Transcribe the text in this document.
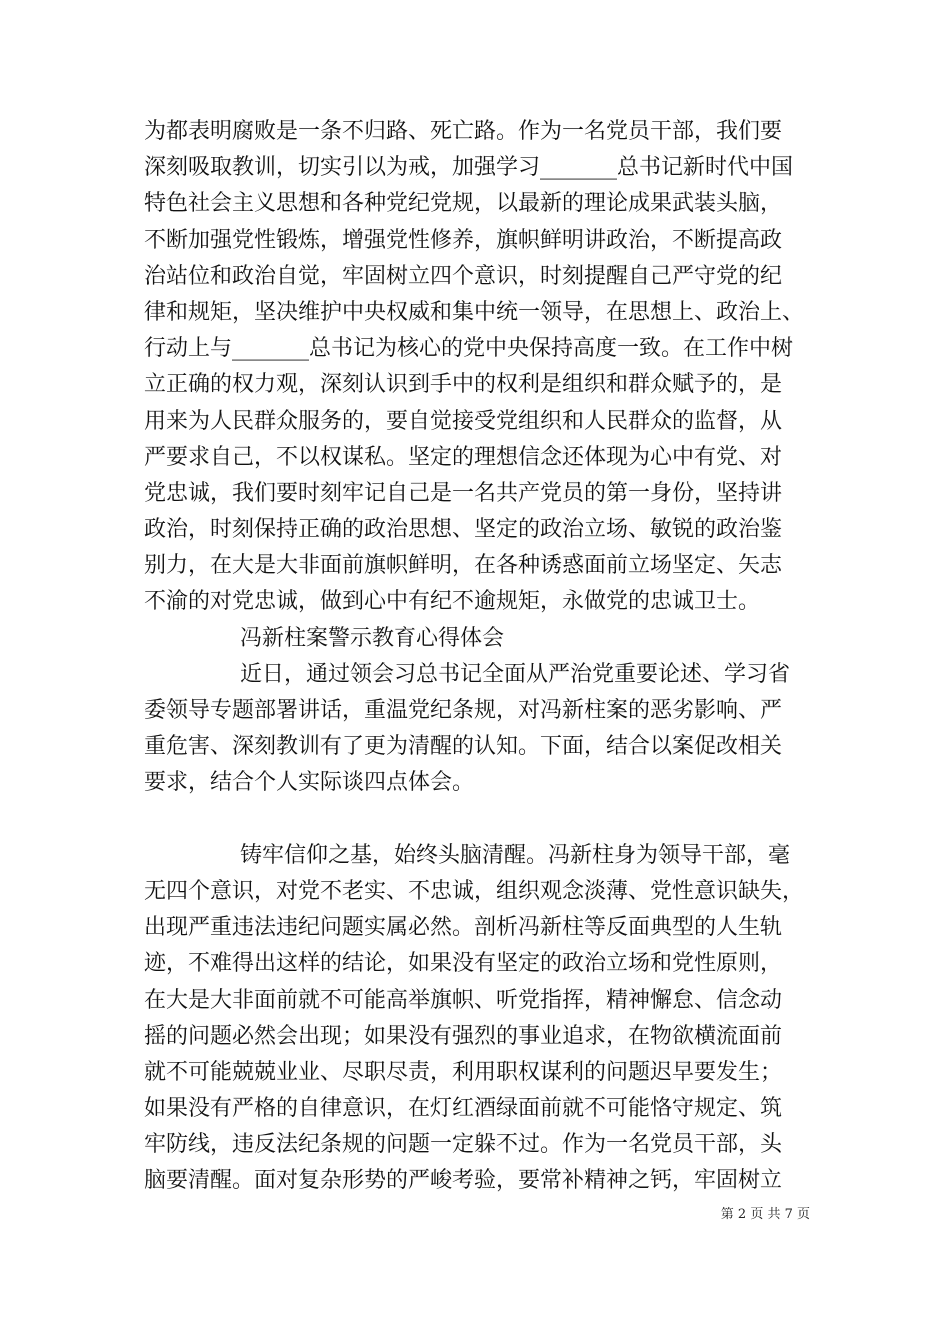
为都表明腐败是一条不归路、死亡路。作为一名党员干部，我们要
深刻吸取教训，切实引以为戒，加强学习_______总书记新时代中国
特色社会主义思想和各种党纪党规，以最新的理论成果武装头脑，
不断加强党性锻炼，增强党性修养，旗帜鲜明讲政治，不断提高政
治站位和政治自觉，牢固树立四个意识，时刻提醒自己严守党的纪
律和规矩，坚决维护中央权威和集中统一领导，在思想上、政治上、
行动上与_______总书记为核心的党中央保持高度一致。在工作中树
立正确的权力观，深刻认识到手中的权利是组织和群众赋予的，是
用来为人民群众服务的，要自觉接受党组织和人民群众的监督，从
严要求自己，不以权谋私。坚定的理想信念还体现为心中有党、对
党忠诚，我们要时刻牢记自己是一名共产党员的第一身份，坚持讲
政治，时刻保持正确的政治思想、坚定的政治立场、敏锐的政治鉴
别力，在大是大非面前旗帜鲜明，在各种诱惑面前立场坚定、矢志
不渝的对党忠诚，做到心中有纪不逾规矩，永做党的忠诚卫士。
冯新柱案警示教育心得体会
近日，通过领会习总书记全面从严治党重要论述、学习省
委领导专题部署讲话，重温党纪条规，对冯新柱案的恶劣影响、严
重危害、深刻教训有了更为清醒的认知。下面，结合以案促改相关
要求，结合个人实际谈四点体会。
铸牢信仰之基，始终头脑清醒。冯新柱身为领导干部，毫
无四个意识，对党不老实、不忠诚，组织观念淡薄、党性意识缺失，
出现严重违法违纪问题实属必然。剖析冯新柱等反面典型的人生轨
迹，不难得出这样的结论，如果没有坚定的政治立场和党性原则，
在大是大非面前就不可能高举旗帜、听党指挥，精神懈怠、信念动
摇的问题必然会出现；如果没有强烈的事业追求，在物欲横流面前
就不可能兢兢业业、尽职尽责，利用职权谋利的问题迟早要发生；
如果没有严格的自律意识，在灯红酒绿面前就不可能恪守规定、筑
牢防线，违反法纪条规的问题一定躲不过。作为一名党员干部，头
脑要清醒。面对复杂形势的严峻考验，要常补精神之钙，牢固树立
第 2 页 共 7 页
